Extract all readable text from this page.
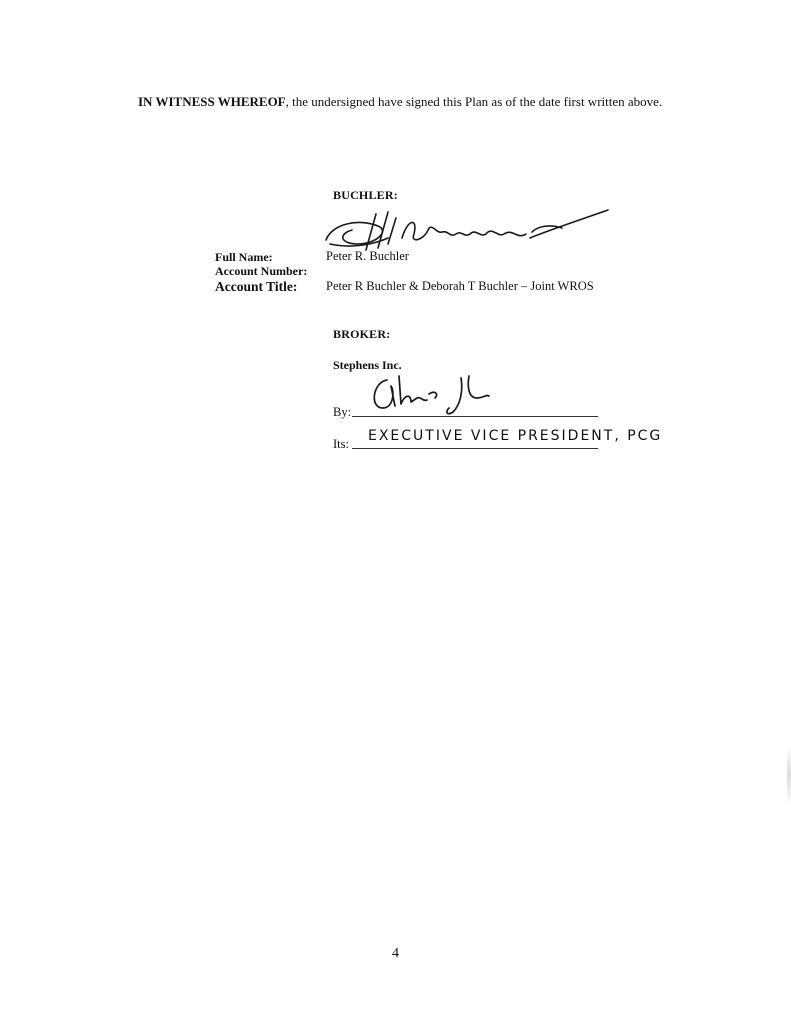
IN WITNESS WHEREOF, the undersigned have signed this Plan as of the date first written above.
BUCHLER:
Full Name:	Peter R. Buchler
Account Number:
Account Title: Peter R Buchler & Deborah T Buchler – Joint WROS
BROKER:
Stephens Inc.
By:
Its: EXECUTIVE VICE PRESIDENT, PCG
4
